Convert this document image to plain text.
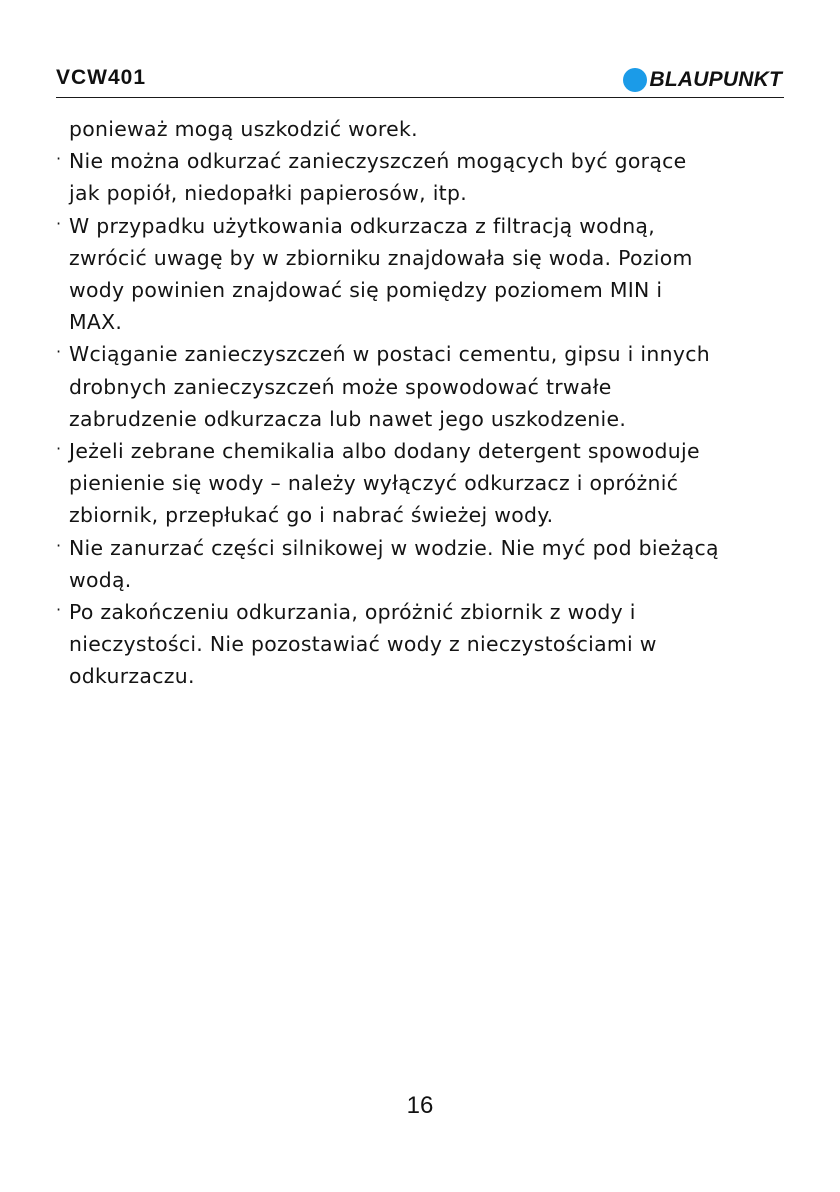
VCW401	BLAUPUNKT
ponieważ mogą uszkodzić worek.
· Nie można odkurzać zanieczyszczeń mogących być gorące
jak popiół, niedopałki papierosów, itp.
· W przypadku użytkowania odkurzacza z filtracją wodną,
zwrócić uwagę by w zbiorniku znajdowała się woda. Poziom
wody powinien znajdować się pomiędzy poziomem MIN i
MAX.
· Wciąganie zanieczyszczeń w postaci cementu, gipsu i innych
drobnych zanieczyszczeń może spowodować trwałe
zabrudzenie odkurzacza lub nawet jego uszkodzenie.
· Jeżeli zebrane chemikalia albo dodany detergent spowoduje
pienienie się wody – należy wyłączyć odkurzacz i opróżnić
zbiornik, przepłukać go i nabrać świeżej wody.
· Nie zanurzać części silnikowej w wodzie. Nie myć pod bieżącą
wodą.
· Po zakończeniu odkurzania, opróżnić zbiornik z wody i
nieczystości. Nie pozostawiać wody z nieczystościami w
odkurzaczu.
16
